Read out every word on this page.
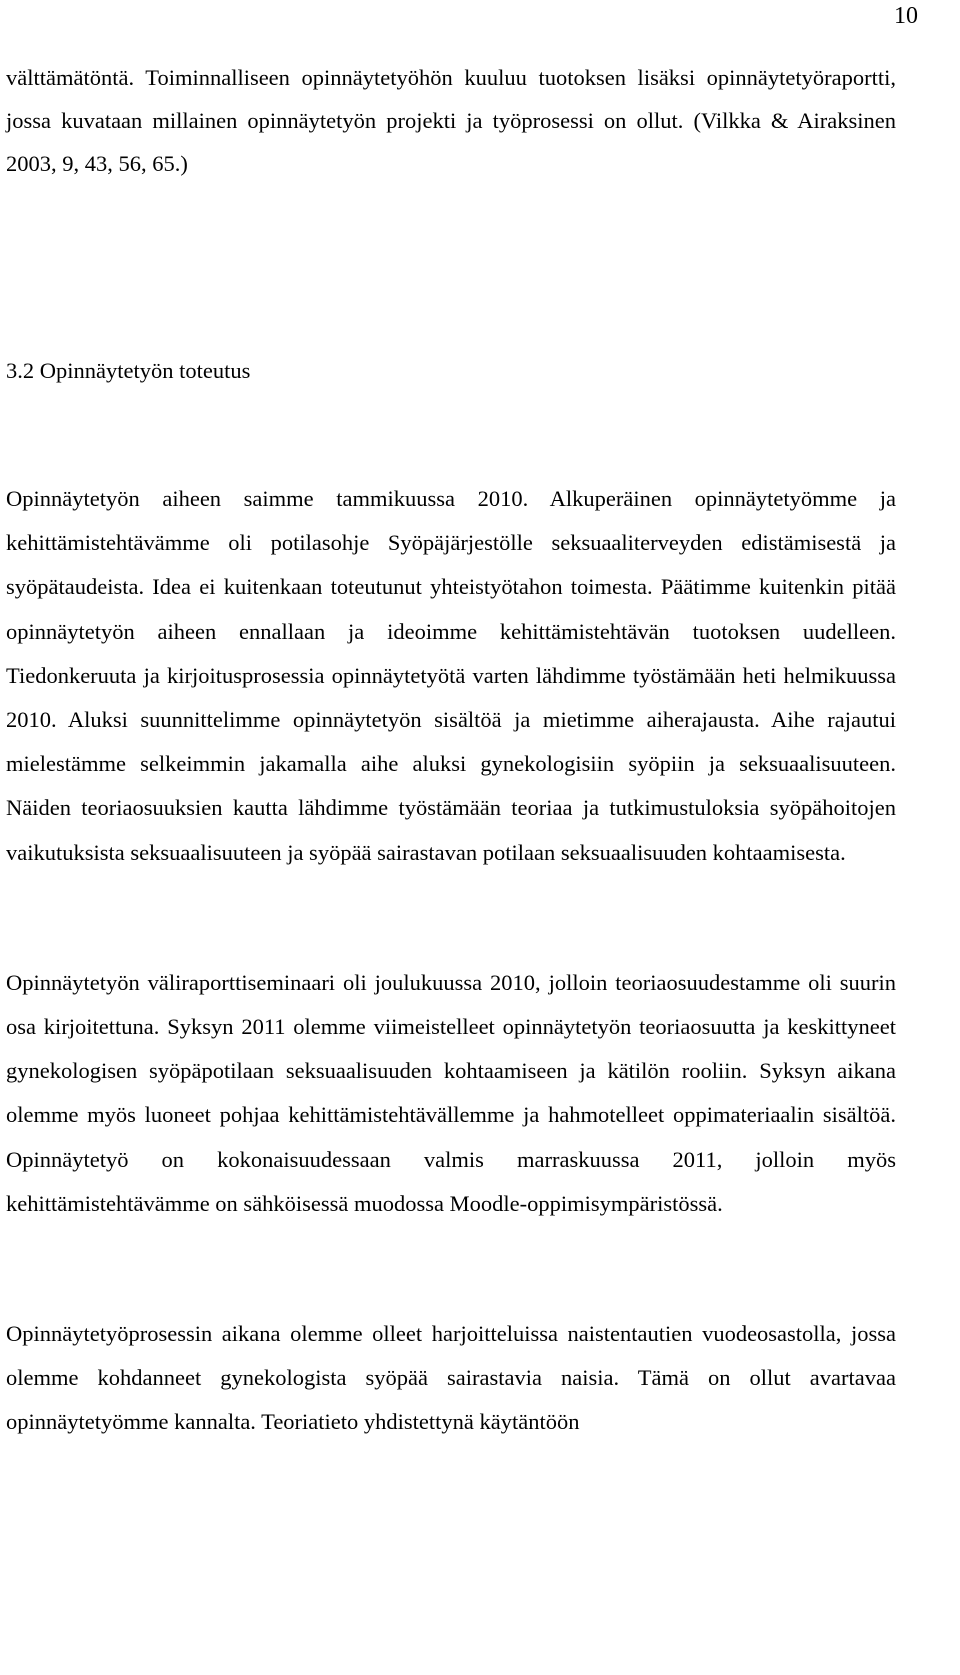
10

välttämätöntä. Toiminnalliseen opinnäytetyöhön kuuluu tuotoksen lisäksi opinnäytetyöraportti, jossa kuvataan millainen opinnäytetyön projekti ja työprosessi on ollut. (Vilkka & Airaksinen 2003, 9, 43, 56, 65.)

3.2 Opinnäytetyön toteutus

Opinnäytetyön aiheen saimme tammikuussa 2010. Alkuperäinen opinnäytetyömme ja kehittämistehtävämme oli potilasohje Syöpäjärjestölle seksuaaliterveyden edistämisestä ja syöpätaudeista. Idea ei kuitenkaan toteutunut yhteistyötahon toimesta. Päätimme kuitenkin pitää opinnäytetyön aiheen ennallaan ja ideoimme kehittämistehtävän tuotoksen uudelleen. Tiedonkeruuta ja kirjoitusprosessia opinnäytetyötä varten lähdimme työstämään heti helmikuussa 2010. Aluksi suunnittelimme opinnäytetyön sisältöä ja mietimme aiherajausta. Aihe rajautui mielestämme selkeimmin jakamalla aihe aluksi gynekologisiin syöpiin ja seksuaalisuuteen. Näiden teoriaosuuksien kautta lähdimme työstämään teoriaa ja tutkimustuloksia syöpähoitojen vaikutuksista seksuaalisuuteen ja syöpää sairastavan potilaan seksuaalisuuden kohtaamisesta.

Opinnäytetyön väliraporttiseminaari oli joulukuussa 2010, jolloin teoriaosuudestamme oli suurin osa kirjoitettuna. Syksyn 2011 olemme viimeistelleet opinnäytetyön teoriaosuutta ja keskittyneet gynekologisen syöpäpotilaan seksuaalisuuden kohtaamiseen ja kätilön rooliin. Syksyn aikana olemme myös luoneet pohjaa kehittämistehtävällemme ja hahmotelleet oppimateriaalin sisältöä. Opinnäytetyö on kokonaisuudessaan valmis marraskuussa 2011, jolloin myös kehittämistehtävämme on sähköisessä muodossa Moodle-oppimisympäristössä.

Opinnäytetyöprosessin aikana olemme olleet harjoitteluissa naistentautien vuodeosastolla, jossa olemme kohdanneet gynekologista syöpää sairastavia naisia. Tämä on ollut avartavaa opinnäytetyömme kannalta. Teoriatieto yhdistettynä käytäntöön
